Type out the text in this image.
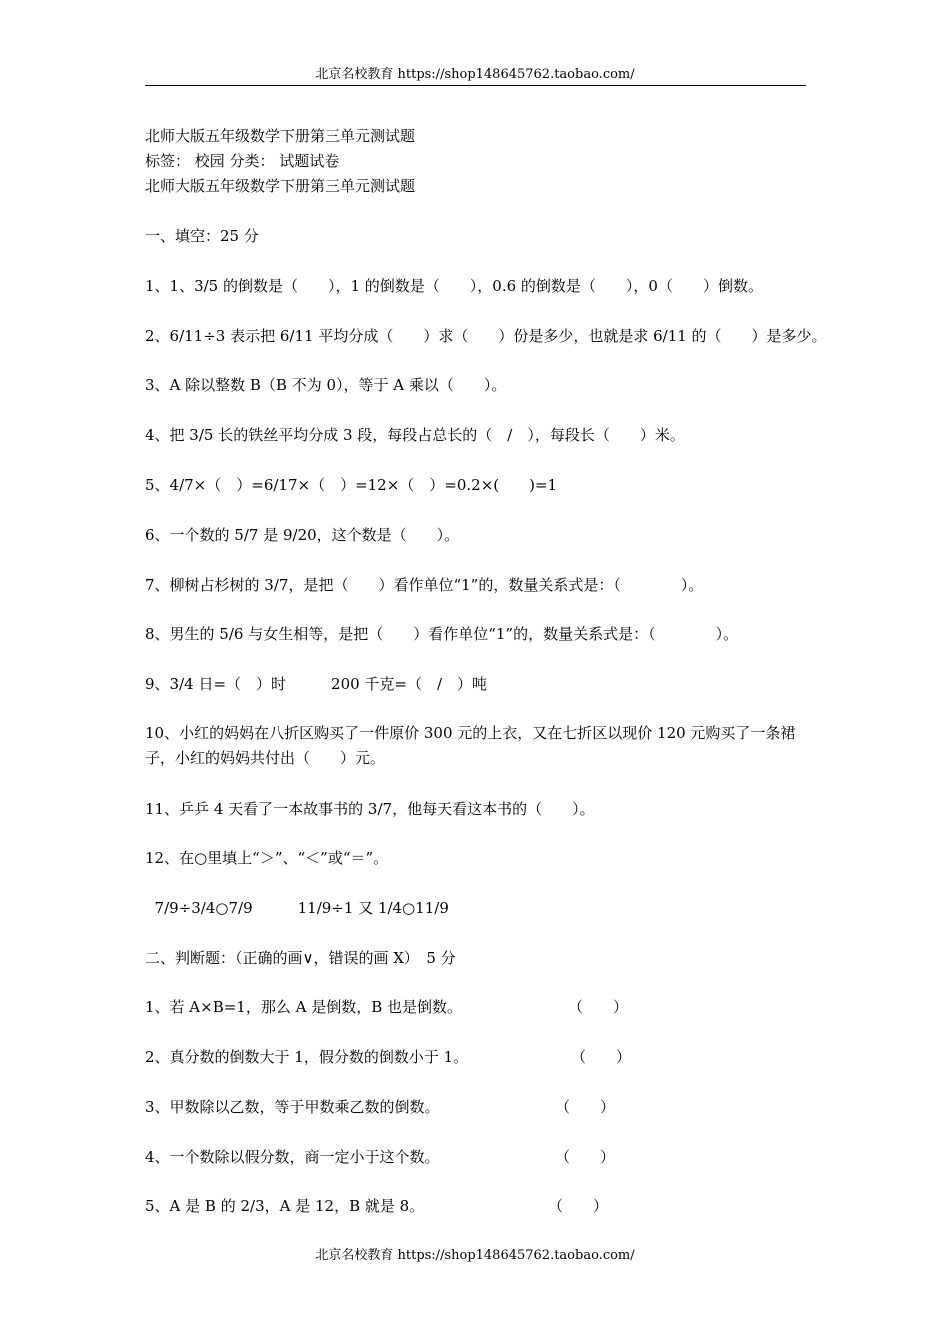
北京名校教育 https://shop148645762.taobao.com/
北师大版五年级数学下册第三单元测试题
标签： 校园 分类： 试题试卷
北师大版五年级数学下册第三单元测试题
一、填空：25 分
1、1、3/5 的倒数是（　　），1 的倒数是（　　），0.6 的倒数是（　　），0（　　）倒数。
2、6/11÷3 表示把 6/11 平均分成（　　）求（　　）份是多少，也就是求 6/11 的（　　）是多少。
3、A 除以整数 B（B 不为 0），等于 A 乘以（　　）。
4、把 3/5 长的铁丝平均分成 3 段，每段占总长的（　/　），每段长（　　）米。
5、4/7×（　）=6/17×（　）=12×（　）=0.2×(　　)=1
6、一个数的 5/7 是 9/20，这个数是（　　）。
7、柳树占杉树的 3/7，是把（　　）看作单位“1”的，数量关系式是：（　　　　）。
8、男生的 5/6 与女生相等，是把（　　）看作单位“1”的，数量关系式是：（　　　　）。
9、3/4 日=（　）时　　　200 千克=（　/　）吨
10、小红的妈妈在八折区购买了一件原价 300 元的上衣，又在七折区以现价 120 元购买了一条裙子，小红的妈妈共付出（　　）元。
11、乒乒 4 天看了一本故事书的 3/7，他每天看这本书的（　　）。
12、在○里填上“＞”、“＜”或“＝”。
7/9÷3/4○7/9　　　11/9÷1 又 1/4○11/9
二、判断题：（正确的画∨，错误的画 X）　5 分
1、若 A×B=1，那么 A 是倒数，B 也是倒数。	（　　）
2、真分数的倒数大于 1，假分数的倒数小于 1。	（　　）
3、甲数除以乙数，等于甲数乘乙数的倒数。	（　　）
4、一个数除以假分数，商一定小于这个数。	（　　）
5、A 是 B 的 2/3，A 是 12，B 就是 8。	（　　）
北京名校教育 https://shop148645762.taobao.com/
